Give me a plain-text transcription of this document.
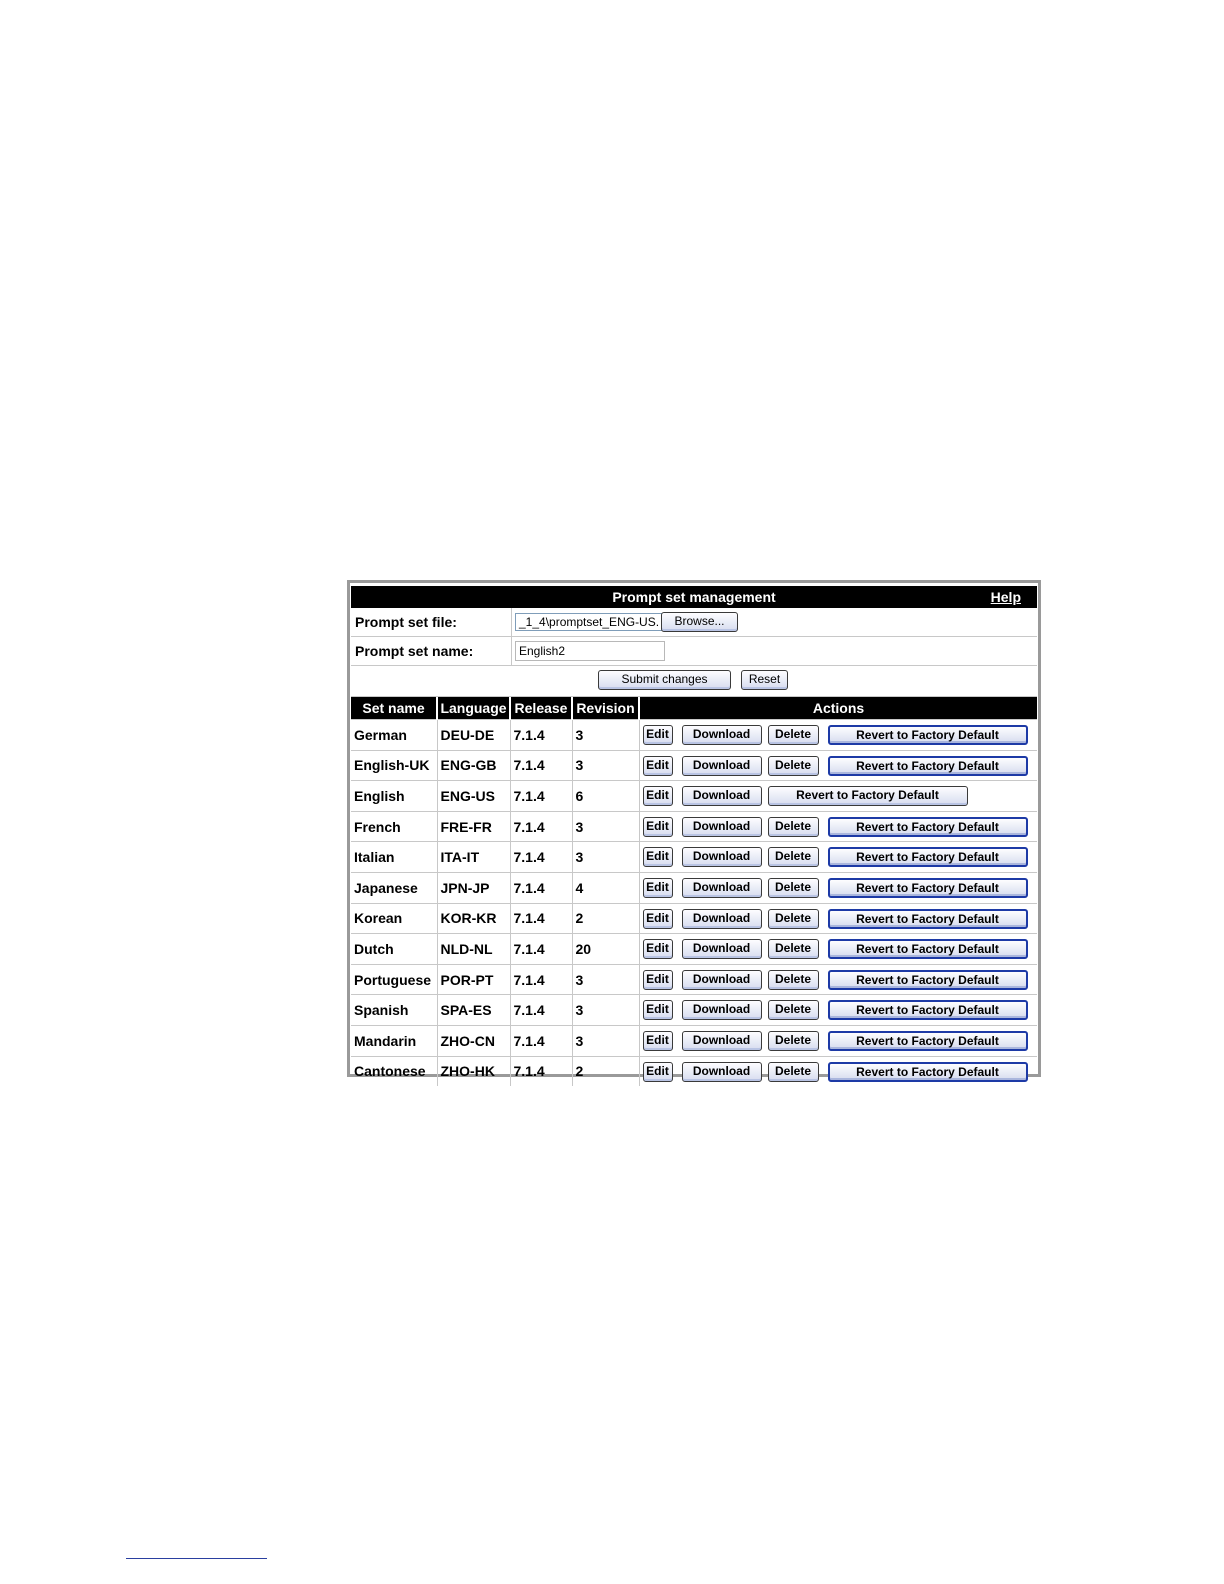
Prompt set management	Help
Prompt set file:	_1_4\promptset_ENG-US.	Browse...
Prompt set name:	English2
Submit changes	Reset
Set name	Language	Release	Revision	Actions
German	DEU-DE	7.1.4	3	Edit Download Delete Revert to Factory Default

English-UK	ENG-GB	7.1.4	3	Edit Download Delete Revert to Factory Default

English	ENG-US	7.1.4	6	Edit Download Revert to Factory Default

French	FRE-FR	7.1.4	3	Edit Download Delete Revert to Factory Default

Italian	ITA-IT	7.1.4	3	Edit Download Delete Revert to Factory Default

Japanese	JPN-JP	7.1.4	4	Edit Download Delete Revert to Factory Default

Korean	KOR-KR	7.1.4	2	Edit Download Delete Revert to Factory Default

Dutch	NLD-NL	7.1.4	20	Edit Download Delete Revert to Factory Default

Portuguese	POR-PT	7.1.4	3	Edit Download Delete Revert to Factory Default

Spanish	SPA-ES	7.1.4	3	Edit Download Delete Revert to Factory Default

Mandarin	ZHO-CN	7.1.4	3	Edit Download Delete Revert to Factory Default

Cantonese	ZHO-HK	7.1.4	2	Edit Download Delete Revert to Factory Default
